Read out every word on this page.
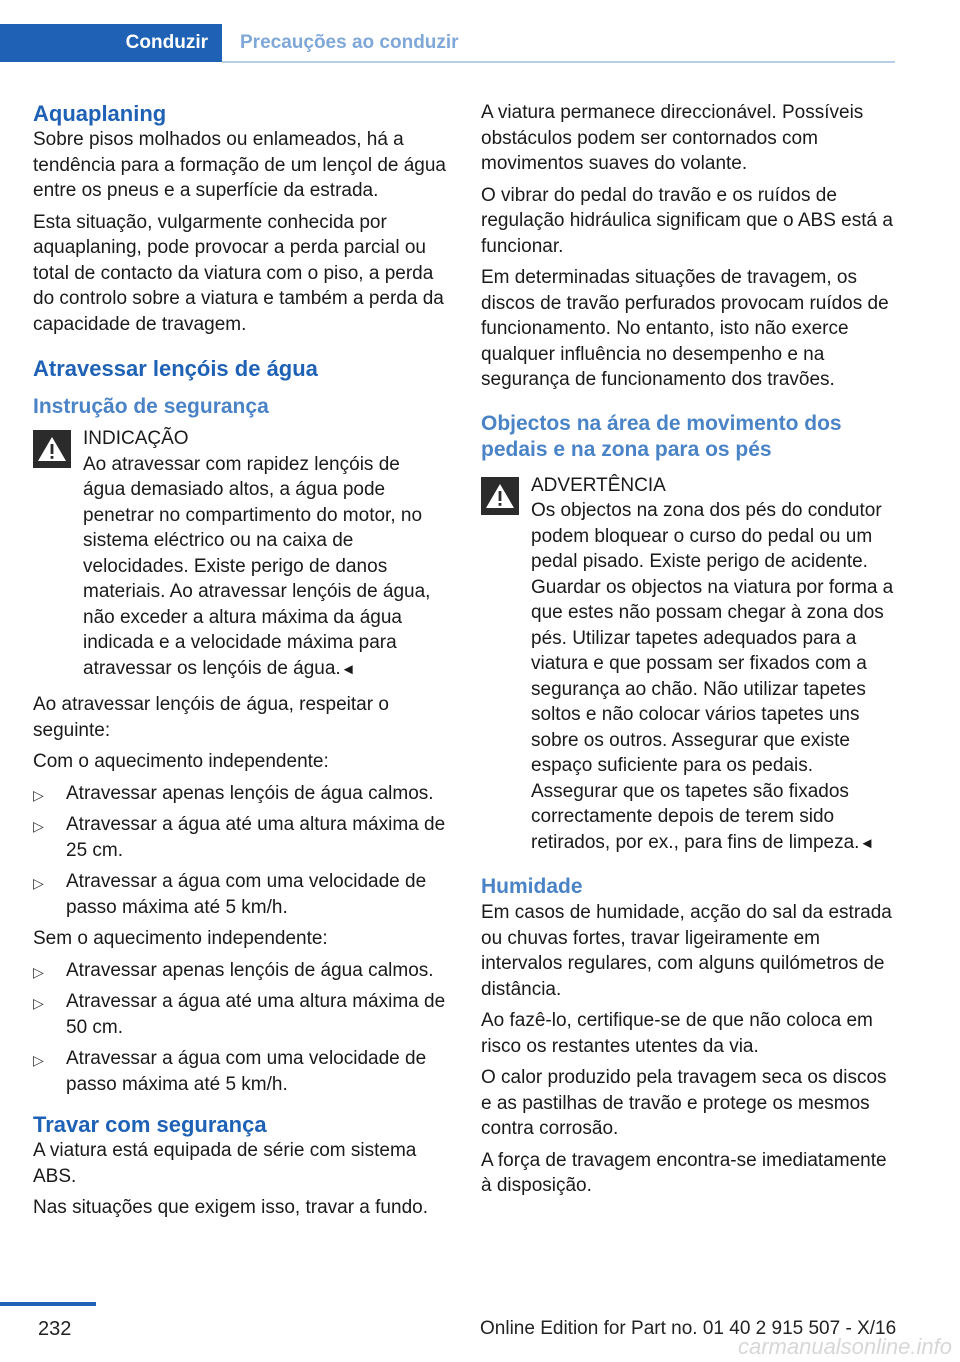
Conduzir	Precauções ao conduzir
Aquaplaning

Sobre pisos molhados ou enlameados, há a tendência para a formação de um lençol de água entre os pneus e a superfície da estrada.

Esta situação, vulgarmente conhecida por aquaplaning, pode provocar a perda parcial ou total de contacto da viatura com o piso, a perda do controlo sobre a viatura e também a perda da capacidade de travagem.

Atravessar lençóis de água
Instrução de segurança
INDICAÇÃO

Ao atravessar com rapidez lençóis de água demasiado altos, a água pode penetrar no compartimento do motor, no sistema eléctrico ou na caixa de velocidades. Existe perigo de danos materiais. Ao atravessar lençóis de água, não exceder a altura máxima da água indicada e a velocidade máxima para atravessar os lençóis de água.◄

Ao atravessar lençóis de água, respeitar o seguinte:

Com o aquecimento independente:

▷ Atravessar apenas lençóis de água calmos.
▷ Atravessar a água até uma altura máxima de 25 cm.
▷ Atravessar a água com uma velocidade de passo máxima até 5 km/h.

Sem o aquecimento independente:

▷ Atravessar apenas lençóis de água calmos.
▷ Atravessar a água até uma altura máxima de 50 cm.
▷ Atravessar a água com uma velocidade de passo máxima até 5 km/h.
Travar com segurança

A viatura está equipada de série com sistema ABS.

Nas situações que exigem isso, travar a fundo.

A viatura permanece direccionável. Possíveis obstáculos podem ser contornados com movimentos suaves do volante.

O vibrar do pedal do travão e os ruídos de regulação hidráulica significam que o ABS está a funcionar.

Em determinadas situações de travagem, os discos de travão perfurados provocam ruídos de funcionamento. No entanto, isto não exerce qualquer influência no desempenho e na segurança de funcionamento dos travões.

Objectos na área de movimento dos pedais e na zona para os pés
ADVERTÊNCIA

Os objectos na zona dos pés do condutor podem bloquear o curso do pedal ou um pedal pisado. Existe perigo de acidente. Guardar os objectos na viatura por forma a que estes não possam chegar à zona dos pés. Utilizar tapetes adequados para a viatura e que possam ser fixados com a segurança ao chão. Não utilizar tapetes soltos e não colocar vários tapetes uns sobre os outros. Assegurar que existe espaço suficiente para os pedais. Assegurar que os tapetes são fixados correctamente depois de terem sido retirados, por ex., para fins de limpeza.◄

Humidade

Em casos de humidade, acção do sal da estrada ou chuvas fortes, travar ligeiramente em intervalos regulares, com alguns quilómetros de distância.

Ao fazê-lo, certifique-se de que não coloca em risco os restantes utentes da via.

O calor produzido pela travagem seca os discos e as pastilhas de travão e protege os mesmos contra corrosão.

A força de travagem encontra-se imediatamente à disposição.

232	Online Edition for Part no. 01 40 2 915 507 - X/16
carmanualsonline.info
